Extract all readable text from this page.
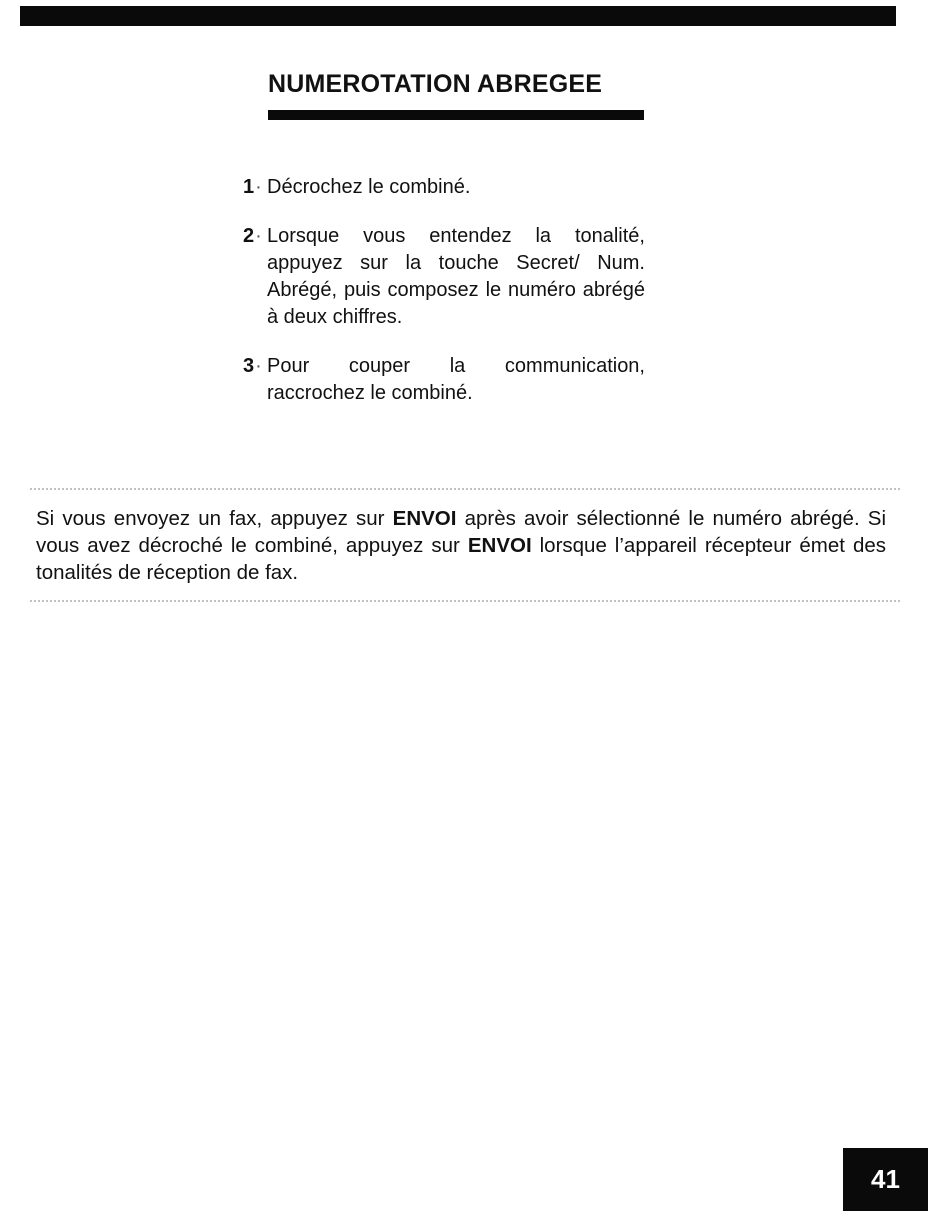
NUMEROTATION ABREGEE
1 · Décrochez le combiné.
2 · Lorsque vous entendez la tonalité, appuyez sur la touche Secret/ Num. Abrégé, puis composez le numéro abrégé à deux chiffres.
3 · Pour couper la communication, raccrochez le combiné.

Si vous envoyez un fax, appuyez sur ENVOI après avoir sélectionné le numéro abrégé. Si vous avez décroché le combiné, appuyez sur ENVOI lorsque l’appareil récepteur émet des tonalités de réception de fax.

41
